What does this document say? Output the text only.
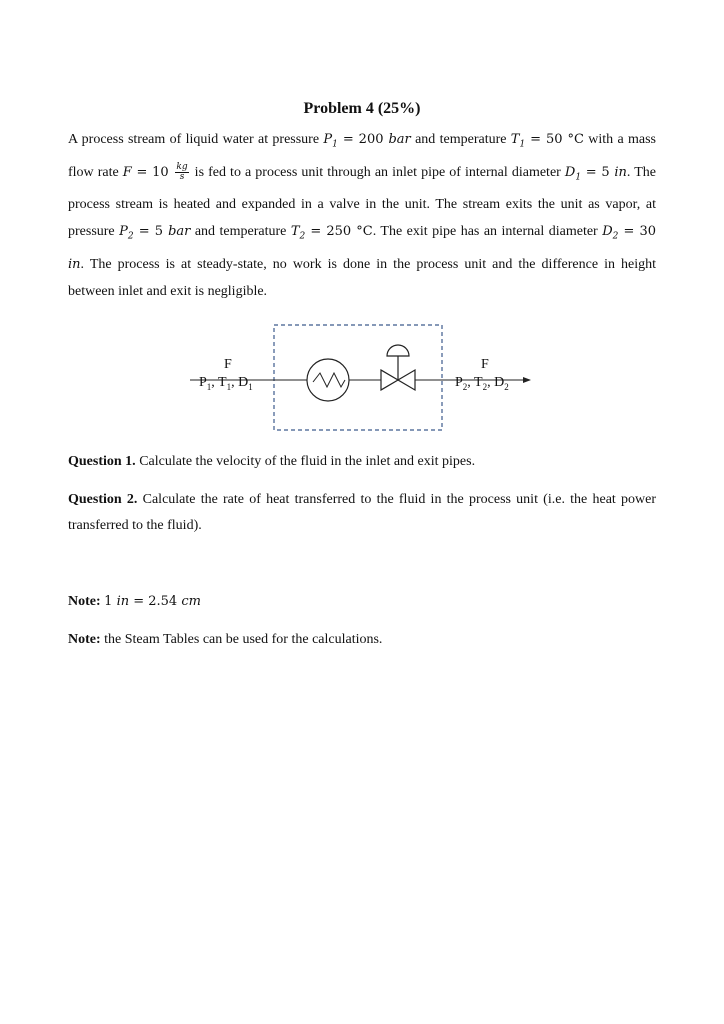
Problem 4 (25%)

A process stream of liquid water at pressure $P_1 = 200$ bar and temperature $T_1 = 50$ °C with a mass flow rate $F = 10 \frac{kg}{s}$ is fed to a process unit through an inlet pipe of internal diameter $D_1 = 5$ in. The process stream is heated and expanded in a valve in the unit. The stream exits the unit as vapor, at pressure $P_2 = 5$ bar and temperature $T_2 = 250$ °C. The exit pipe has an internal diameter $D_2 = 30$ in. The process is at steady-state, no work is done in the process unit and the difference in height between inlet and exit is negligible.

F
$P_1$, $T_1$, $D_1$
F
$P_2$, $T_2$, $D_2$

Question 1. Calculate the velocity of the fluid in the inlet and exit pipes.

Question 2. Calculate the rate of heat transferred to the fluid in the process unit (i.e. the heat power transferred to the fluid).

Note: 1 in = 2.54 cm

Note: the Steam Tables can be used for the calculations.
